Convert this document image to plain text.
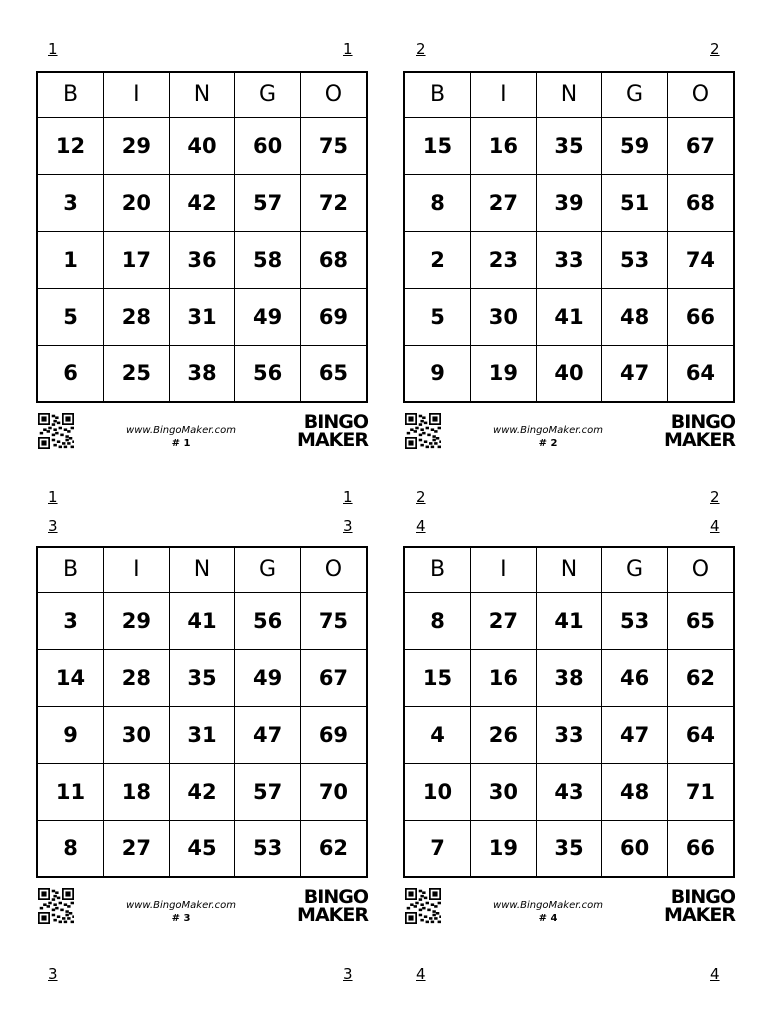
1	1	2	2
1	1	2	2
3	3	4	4
3	3	4	4
B	I	N	G	O
12	29	40	60	75
3	20	42	57	72
1	17	36	58	68
5	28	31	49	69
6	25	38	56	65
B	I	N	G	O
15	16	35	59	67
8	27	39	51	68
2	23	33	53	74
5	30	41	48	66
9	19	40	47	64
B	I	N	G	O
3	29	41	56	75
14	28	35	49	67
9	30	31	47	69
11	18	42	57	70
8	27	45	53	62
B	I	N	G	O
8	27	41	53	65
15	16	38	46	62
4	26	33	47	64
10	30	43	48	71
7	19	35	60	66
www.BingoMaker.com
# 1
BINGO
MAKER	www.BingoMaker.com
# 2
BINGO
MAKER
www.BingoMaker.com
# 3
BINGO
MAKER	www.BingoMaker.com
# 4
BINGO
MAKER
